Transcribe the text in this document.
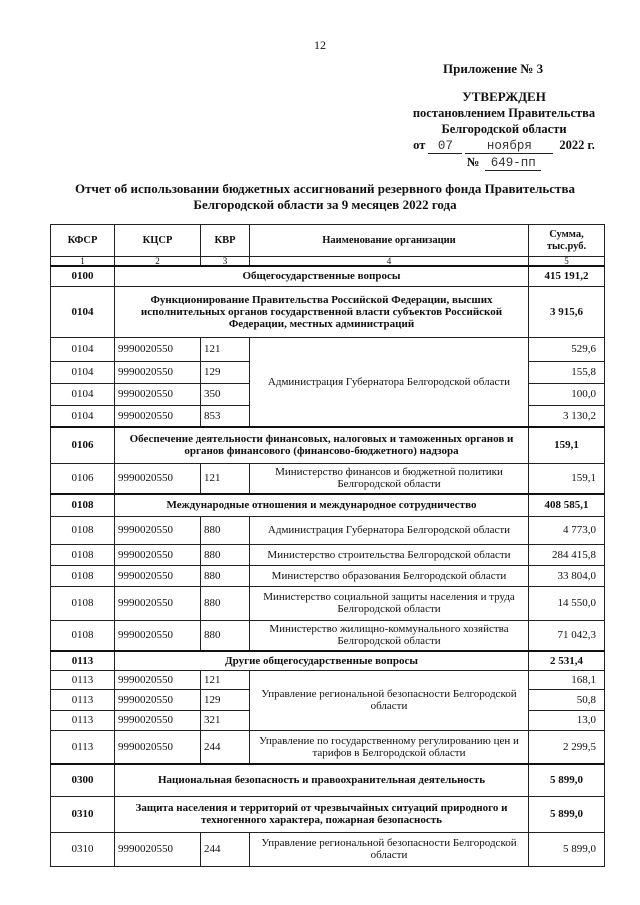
12
Приложение № 3
УТВЕРЖДЕН
постановлением Правительства
Белгородской области
от 07	ноября	2022 г.
№ 649-пп
Отчет об использовании бюджетных ассигнований резервного фонда Правительства
Белгородской области за 9 месяцев 2022 года
КФСР	КЦСР	КВР	Наименование организации	Сумма, тыс.руб.
1	2	3	4	5
0100	Общегосударственные вопросы			415 191,2
0104	Функционирование Правительства Российской Федерации, высших исполнительных органов государственной власти субъектов Российской Федерации, местных администраций			3 915,6
0104	9990020550	121	Администрация Губернатора Белгородской области	529,6
0104	9990020550	129		155,8
0104	9990020550	350		100,0
0104	9990020550	853		3 130,2
0106	Обеспечение деятельности финансовых, налоговых и таможенных органов и органов финансового (финансово-бюджетного) надзора			159,1
0106	9990020550	121	Министерство финансов и бюджетной политики Белгородской области	159,1
0108	Международные отношения и международное сотрудничество			408 585,1
0108	9990020550	880	Администрация Губернатора Белгородской области	4 773,0
0108	9990020550	880	Министерство строительства Белгородской области	284 415,8
0108	9990020550	880	Министерство образования Белгородской области	33 804,0
0108	9990020550	880	Министерство социальной защиты населения и труда Белгородской области	14 550,0
0108	9990020550	880	Министерство жилищно-коммунального хозяйства Белгородской области	71 042,3
0113	Другие общегосударственные вопросы			2 531,4
0113	9990020550	121	Управление региональной безопасности Белгородской области	168,1
0113	9990020550	129		50,8
0113	9990020550	321		13,0
0113	9990020550	244	Управление по государственному регулированию цен и тарифов в Белгородской области	2 299,5
0300	Национальная безопасность и правоохранительная деятельность			5 899,0
0310	Защита населения и территорий от чрезвычайных ситуаций природного и техногенного характера, пожарная безопасность			5 899,0
0310	9990020550	244	Управление региональной безопасности Белгородской области	5 899,0
